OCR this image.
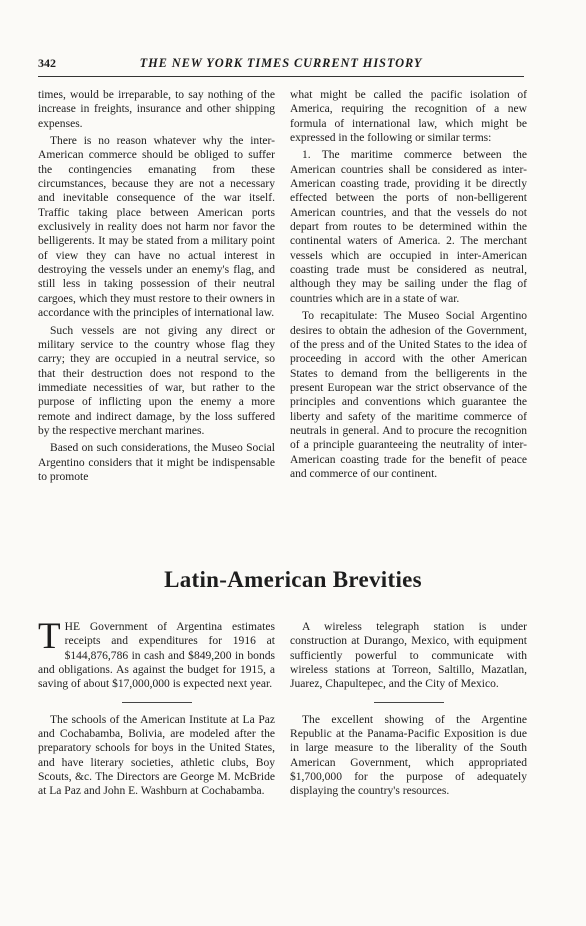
342	THE NEW YORK TIMES CURRENT HISTORY

times, would be irreparable, to say nothing of the increase in freights, insurance and other shipping expenses.

There is no reason whatever why the inter-American commerce should be obliged to suffer the contingencies emanating from these circumstances, because they are not a necessary and inevitable consequence of the war itself. Traffic taking place between American ports exclusively in reality does not harm nor favor the belligerents. It may be stated from a military point of view they can have no actual interest in destroying the vessels under an enemy's flag, and still less in taking possession of their neutral cargoes, which they must restore to their owners in accordance with the principles of international law.

Such vessels are not giving any direct or military service to the country whose flag they carry; they are occupied in a neutral service, so that their destruction does not respond to the immediate necessities of war, but rather to the purpose of inflicting upon the enemy a more remote and indirect damage, by the loss suffered by the respective merchant marines.

Based on such considerations, the Museo Social Argentino considers that it might be indispensable to promote

what might be called the pacific isolation of America, requiring the recognition of a new formula of international law, which might be expressed in the following or similar terms:

1. The maritime commerce between the American countries shall be considered as inter-American coasting trade, providing it be directly effected between the ports of non-belligerent American countries, and that the vessels do not depart from routes to be determined within the continental waters of America. 2. The merchant vessels which are occupied in inter-American coasting trade must be considered as neutral, although they may be sailing under the flag of countries which are in a state of war.

To recapitulate: The Museo Social Argentino desires to obtain the adhesion of the Government, of the press and of the United States to the idea of proceeding in accord with the other American States to demand from the belligerents in the present European war the strict observance of the principles and conventions which guarantee the liberty and safety of the maritime commerce of neutrals in general. And to procure the recognition of a principle guaranteeing the neutrality of inter-American coasting trade for the benefit of peace and commerce of our continent.

Latin-American Brevities

THE Government of Argentina estimates receipts and expenditures for 1916 at $144,876,786 in cash and $849,200 in bonds and obligations. As against the budget for 1915, a saving of about $17,000,000 is expected next year.

The schools of the American Institute at La Paz and Cochabamba, Bolivia, are modeled after the preparatory schools for boys in the United States, and have literary societies, athletic clubs, Boy Scouts, &c. The Directors are George M. McBride at La Paz and John E. Washburn at Cochabamba.

A wireless telegraph station is under construction at Durango, Mexico, with equipment sufficiently powerful to communicate with wireless stations at Torreon, Saltillo, Mazatlan, Juarez, Chapultepec, and the City of Mexico.

The excellent showing of the Argentine Republic at the Panama-Pacific Exposition is due in large measure to the liberality of the South American Government, which appropriated $1,700,000 for the purpose of adequately displaying the country's resources.
